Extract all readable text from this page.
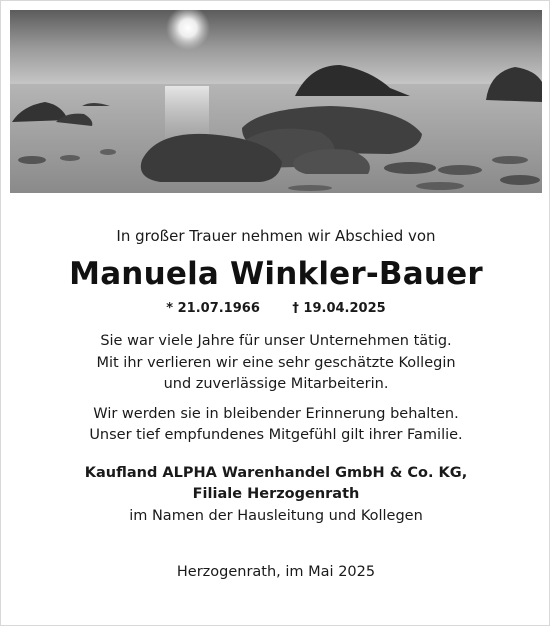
In großer Trauer nehmen wir Abschied von

Manuela Winkler-Bauer

* 21.07.1966	† 19.04.2025

Sie war viele Jahre für unser Unternehmen tätig.
Mit ihr verlieren wir eine sehr geschätzte Kollegin
und zuverlässige Mitarbeiterin.

Wir werden sie in bleibender Erinnerung behalten.
Unser tief empfundenes Mitgefühl gilt ihrer Familie.

Kaufland ALPHA Warenhandel GmbH & Co. KG,
Filiale Herzogenrath

im Namen der Hausleitung und Kollegen

Herzogenrath, im Mai 2025
